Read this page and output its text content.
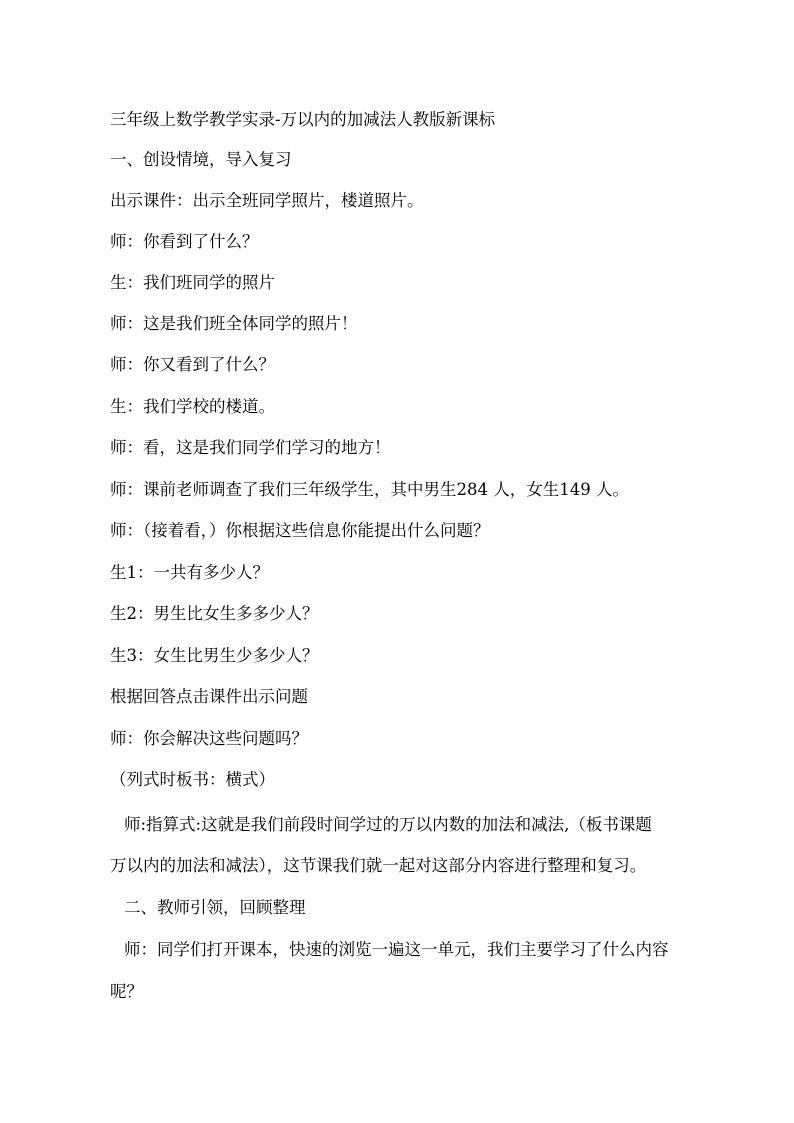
三年级上数学教学实录-万以内的加减法人教版新课标
一、创设情境，导入复习
出示课件：出示全班同学照片，楼道照片。
师：你看到了什么？
生：我们班同学的照片
师：这是我们班全体同学的照片！
师：你又看到了什么？
生：我们学校的楼道。
师：看，这是我们同学们学习的地方！
师：课前老师调查了我们三年级学生，其中男生284 人，女生149 人。
师：（接着看，）你根据这些信息你能提出什么问题？
生1：一共有多少人？
生2：男生比女生多多少人？
生3：女生比男生少多少人？
根据回答点击课件出示问题
师：你会解决这些问题吗？
（列式时板书：横式）
师:指算式:这就是我们前段时间学过的万以内数的加法和减法,（板书课题
万以内的加法和减法），这节课我们就一起对这部分内容进行整理和复习。
二、教师引领，回顾整理
师：同学们打开课本，快速的浏览一遍这一单元，我们主要学习了什么内容
呢？
